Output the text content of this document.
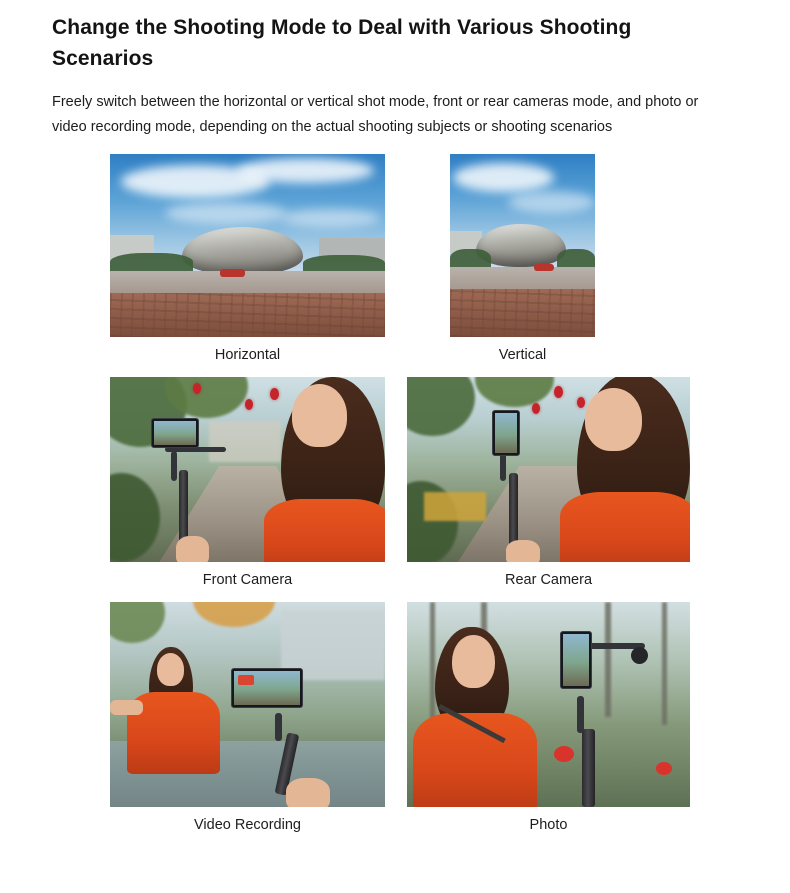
Change the Shooting Mode to Deal with Various Shooting Scenarios

Freely switch between the horizontal or vertical shot mode, front or rear cameras mode, and photo or video recording mode, depending on the actual shooting subjects or shooting scenarios

Horizontal	Vertical
Front Camera	Rear Camera
Video Recording	Photo
